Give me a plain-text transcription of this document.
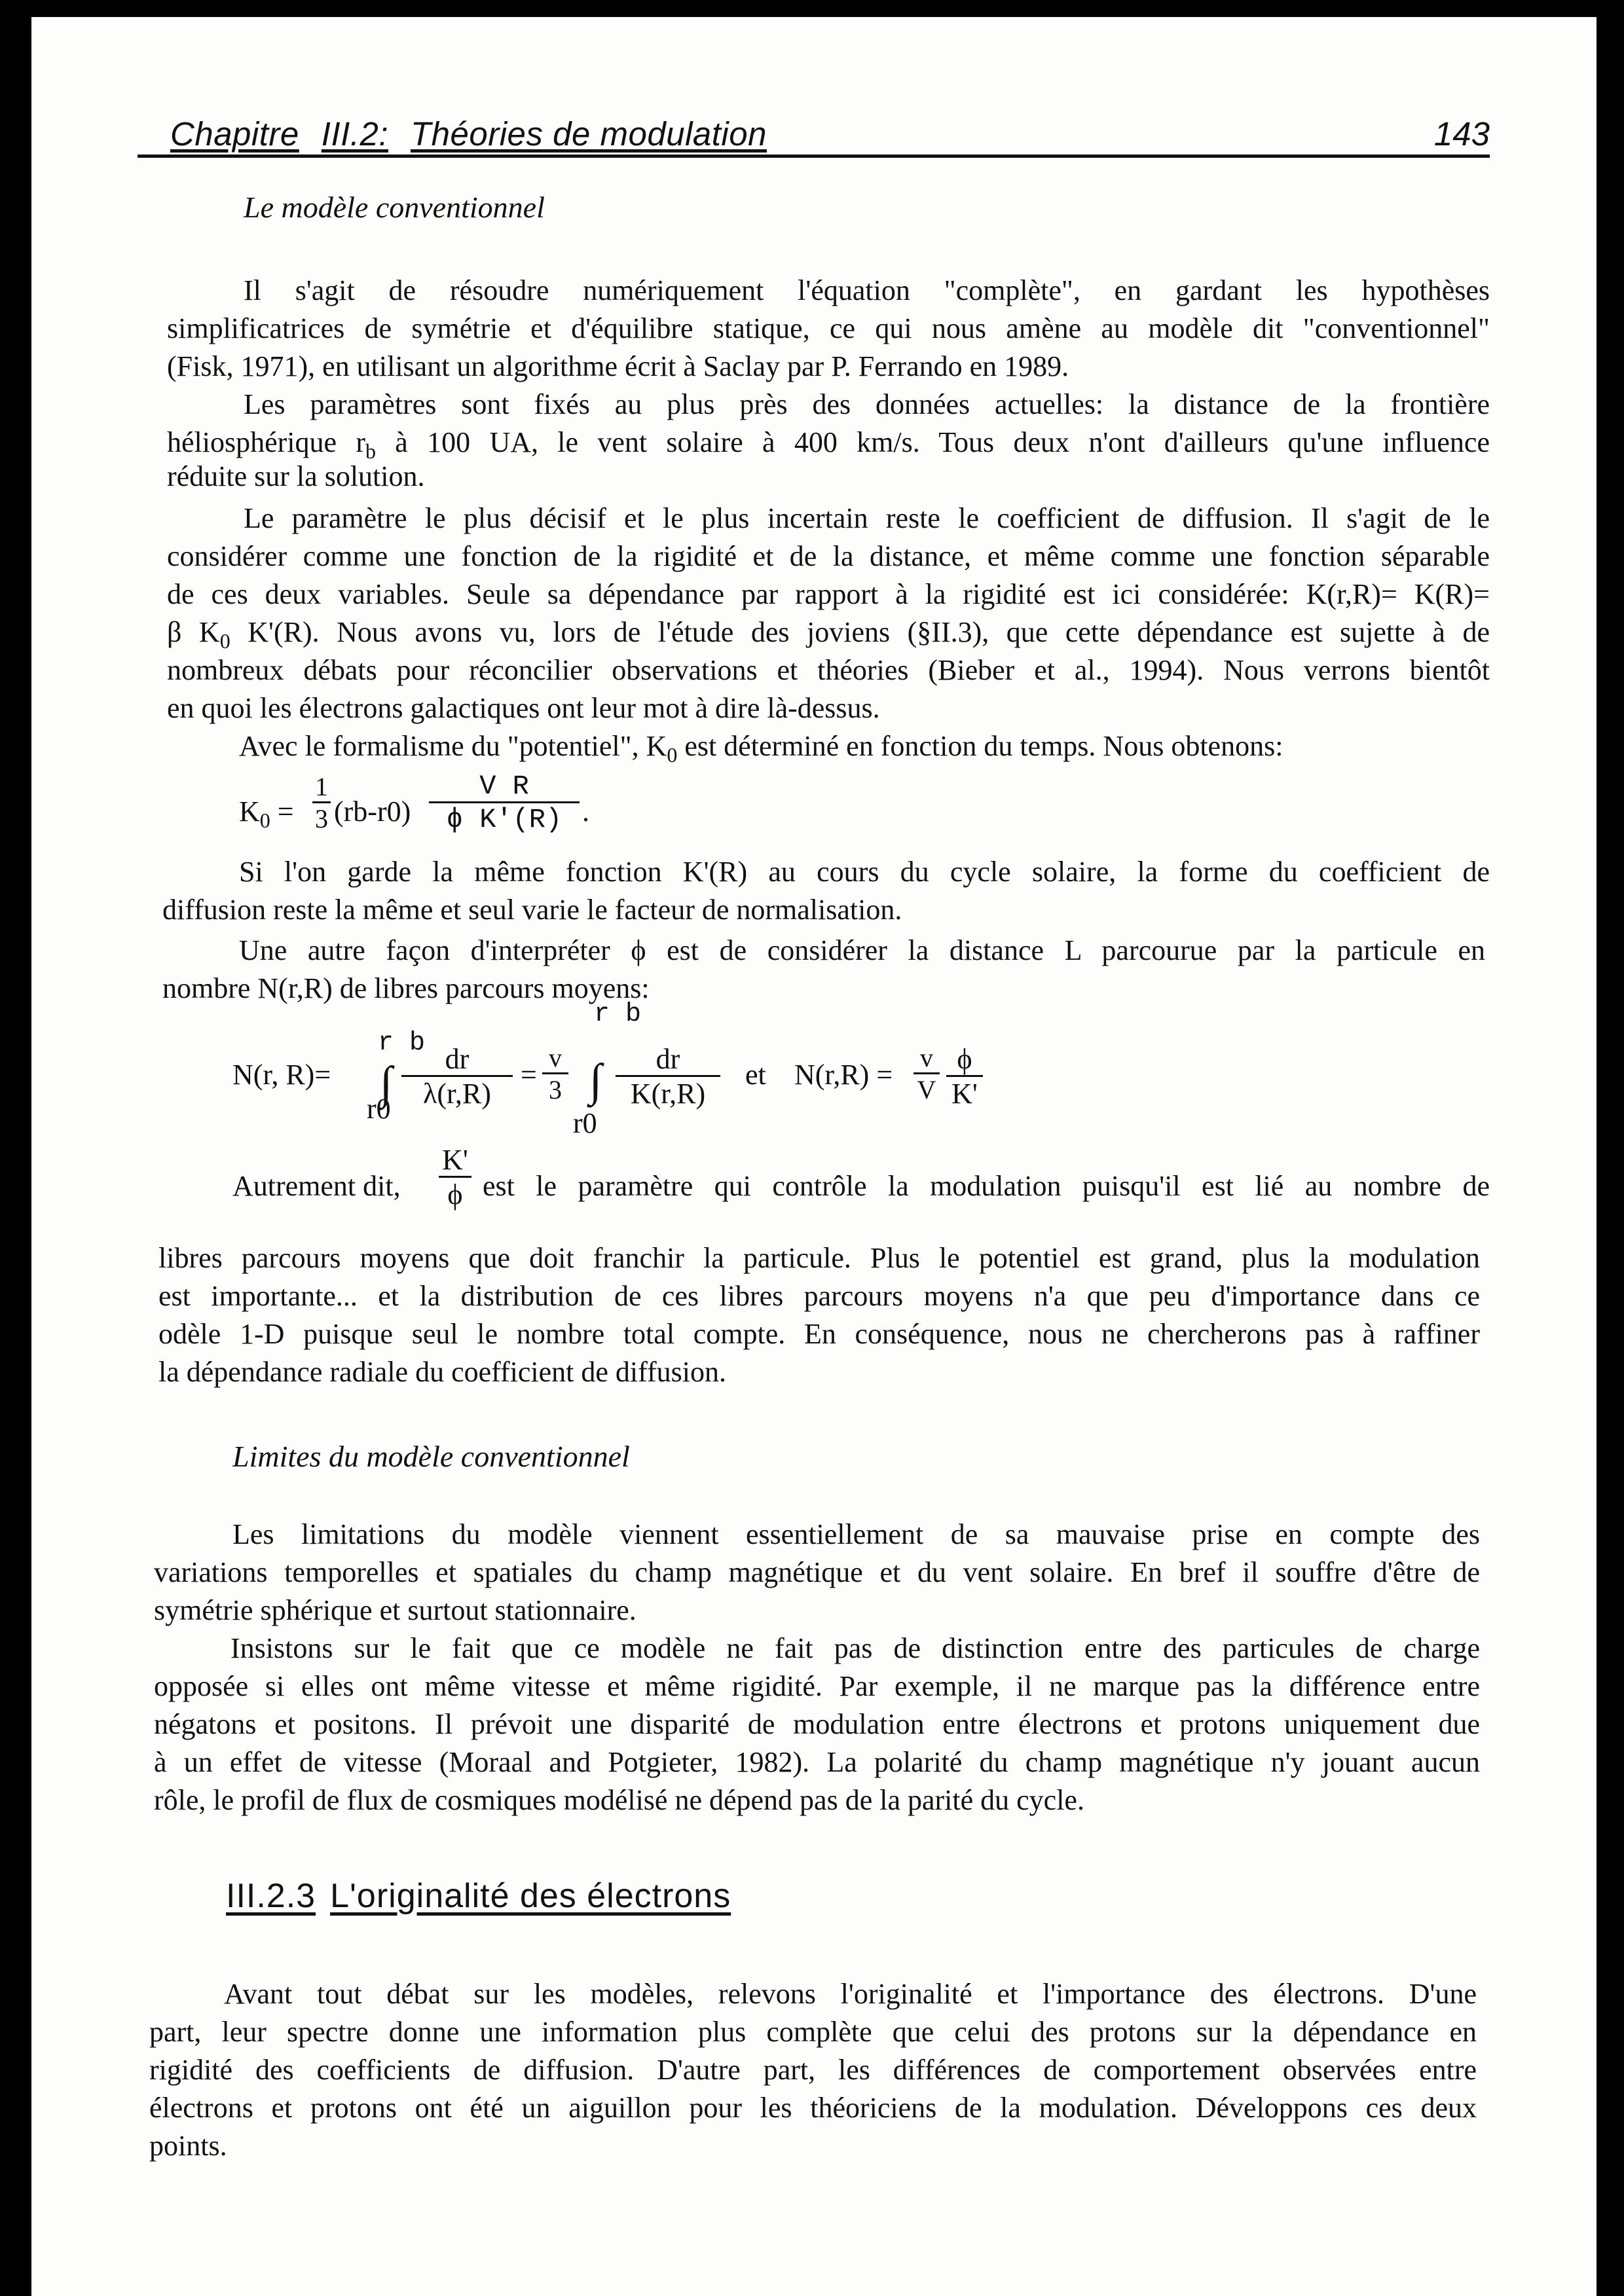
Chapitre III.2: Théories de modulation	143
Le modèle conventionnel
Il s'agit de résoudre numériquement l'équation "complète", en gardant les hypothèses
simplificatrices de symétrie et d'équilibre statique, ce qui nous amène au modèle dit "conventionnel"
(Fisk, 1971), en utilisant un algorithme écrit à Saclay par P. Ferrando en 1989.
Les paramètres sont fixés au plus près des données actuelles: la distance de la frontière
héliosphérique $r_b$ à 100 UA, le vent solaire à 400 km/s. Tous deux n'ont d'ailleurs qu'une influence
réduite sur la solution.
Le paramètre le plus décisif et le plus incertain reste le coefficient de diffusion. Il s'agit de le
considérer comme une fonction de la rigidité et de la distance, et même comme une fonction séparable
de ces deux variables. Seule sa dépendance par rapport à la rigidité est ici considérée: K(r,R)= K(R)=
β $K_0$ K'(R). Nous avons vu, lors de l'étude des joviens (§II.3), que cette dépendance est sujette à de
nombreux débats pour réconcilier observations et théories (Bieber et al., 1994). Nous verrons bientôt
en quoi les électrons galactiques ont leur mot à dire là-dessus.
Avec le formalisme du "potentiel", $K_0$ est déterminé en fonction du temps. Nous obtenons:
$K_0 = \frac{1}{3} (rb-r0) \frac{\text{V R}}{\text{ϕ K'(R)}}$ .
Si l'on garde la même fonction K'(R) au cours du cycle solaire, la forme du coefficient de
diffusion reste la même et seul varie le facteur de normalisation.
Une autre façon d'interpréter ϕ est de considérer la distance L parcourue par la particule en
nombre N(r,R) de libres parcours moyens:
N(r, R)=
r b
∫
r0
$\frac{dr}{\lambda(r,R)} = \frac{v}{3}$
r b
∫
r0
$\frac{dr}{K(r,R)}$ et $N(r,R) = \frac{v}{V} \frac{\phi}{K'}$
Autrement dit, $\frac{K'}{\phi}$ est le paramètre qui contrôle la modulation puisqu'il est lié au nombre de
libres parcours moyens que doit franchir la particule. Plus le potentiel est grand, plus la modulation
est importante... et la distribution de ces libres parcours moyens n'a que peu d'importance dans ce
odèle 1-D puisque seul le nombre total compte. En conséquence, nous ne chercherons pas à raffiner
la dépendance radiale du coefficient de diffusion.
Limites du modèle conventionnel
Les limitations du modèle viennent essentiellement de sa mauvaise prise en compte des
variations temporelles et spatiales du champ magnétique et du vent solaire. En bref il souffre d'être de
symétrie sphérique et surtout stationnaire.
Insistons sur le fait que ce modèle ne fait pas de distinction entre des particules de charge
opposée si elles ont même vitesse et même rigidité. Par exemple, il ne marque pas la différence entre
négatons et positons. Il prévoit une disparité de modulation entre électrons et protons uniquement due
à un effet de vitesse (Moraal and Potgieter, 1982). La polarité du champ magnétique n'y jouant aucun
rôle, le profil de flux de cosmiques modélisé ne dépend pas de la parité du cycle.
III.2.3 L'originalité des électrons
Avant tout débat sur les modèles, relevons l'originalité et l'importance des électrons. D'une
part, leur spectre donne une information plus complète que celui des protons sur la dépendance en
rigidité des coefficients de diffusion. D'autre part, les différences de comportement observées entre
électrons et protons ont été un aiguillon pour les théoriciens de la modulation. Développons ces deux
points.
